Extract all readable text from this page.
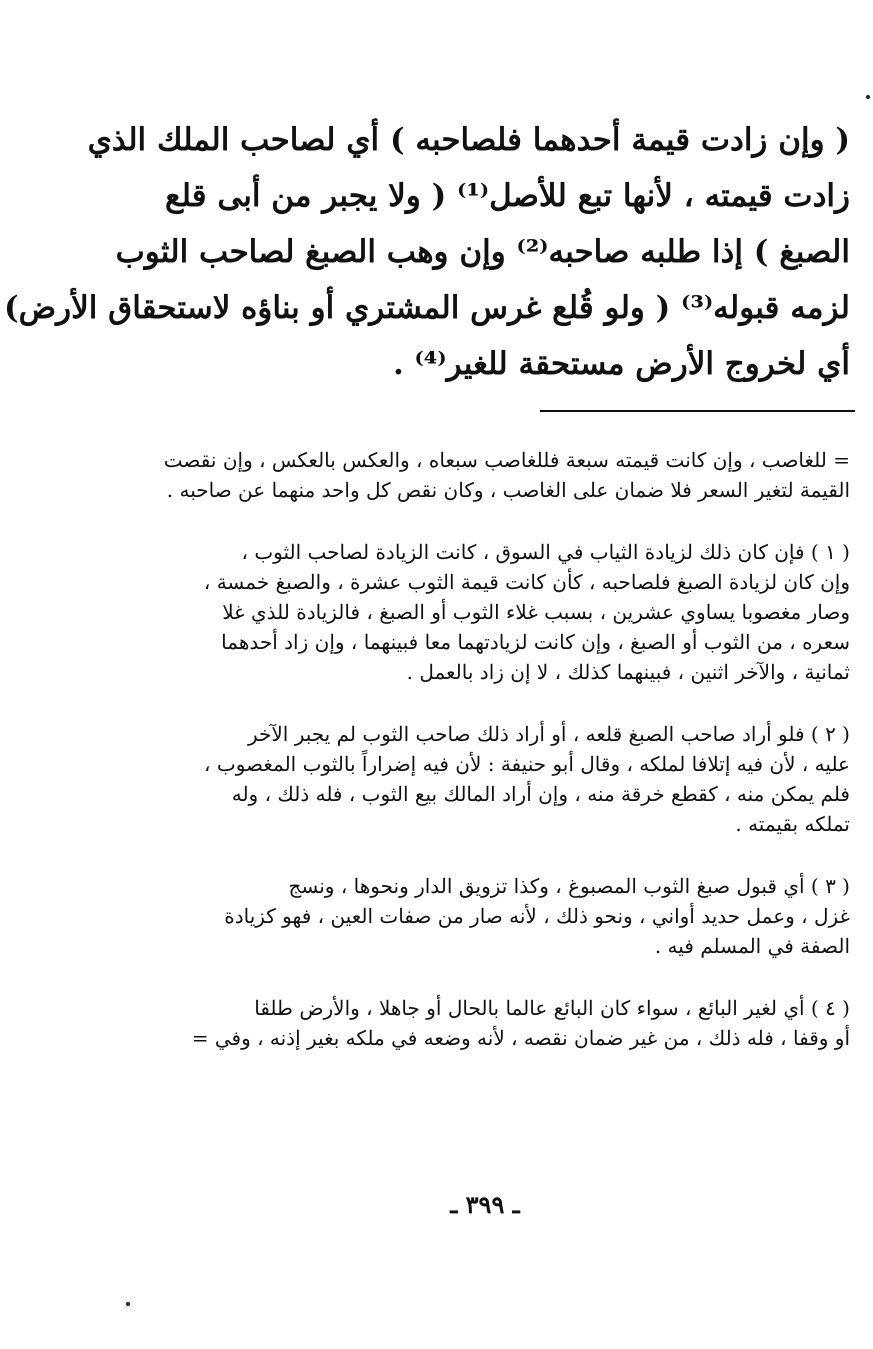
( وإن زادت قيمة أحدهما فلصاحبه ) أي لصاحب الملك الذي
زادت قيمته ، لأنها تبع للأصل⁽¹⁾ ( ولا يجبر من أبى قلع
الصبغ ) إذا طلبه صاحبه⁽²⁾ وإن وهب الصبغ لصاحب الثوب
لزمه قبوله⁽³⁾ ( ولو قُلع غرس المشتري أو بناؤه لاستحقاق الأرض)
أي لخروج الأرض مستحقة للغير⁽⁴⁾ .
= للغاصب ، وإن كانت قيمته سبعة فللغاصب سبعاه ، والعكس بالعكس ، وإن نقصت
القيمة لتغير السعر فلا ضمان على الغاصب ، وكان نقص كل واحد منهما عن صاحبه .
( ١ ) فإن كان ذلك لزيادة الثياب في السوق ، كانت الزيادة لصاحب الثوب ،
وإن كان لزيادة الصبغ فلصاحبه ، كأن كانت قيمة الثوب عشرة ، والصبغ خمسة ،
وصار مغصوبا يساوي عشرين ، بسبب غلاء الثوب أو الصبغ ، فالزيادة للذي غلا
سعره ، من الثوب أو الصبغ ، وإن كانت لزيادتهما معا فبينهما ، وإن زاد أحدهما
ثمانية ، والآخر اثنين ، فبينهما كذلك ، لا إن زاد بالعمل .
( ٢ ) فلو أراد صاحب الصبغ قلعه ، أو أراد ذلك صاحب الثوب لم يجبر الآخر
عليه ، لأن فيه إتلافا لملكه ، وقال أبو حنيفة : لأن فيه إضراراً بالثوب المغصوب ،
فلم يمكن منه ، كقطع خرقة منه ، وإن أراد المالك بيع الثوب ، فله ذلك ، وله
تملكه بقيمته .
( ٣ ) أي قبول صبغ الثوب المصبوغ ، وكذا تزويق الدار ونحوها ، ونسج
غزل ، وعمل حديد أواني ، ونحو ذلك ، لأنه صار من صفات العين ، فهو كزيادة
الصفة في المسلم فيه .
( ٤ ) أي لغير البائع ، سواء كان البائع عالما بالحال أو جاهلا ، والأرض طلقا
أو وقفا ، فله ذلك ، من غير ضمان نقصه ، لأنه وضعه في ملكه بغير إذنه ، وفي =
ـ ٣٩٩ ـ
